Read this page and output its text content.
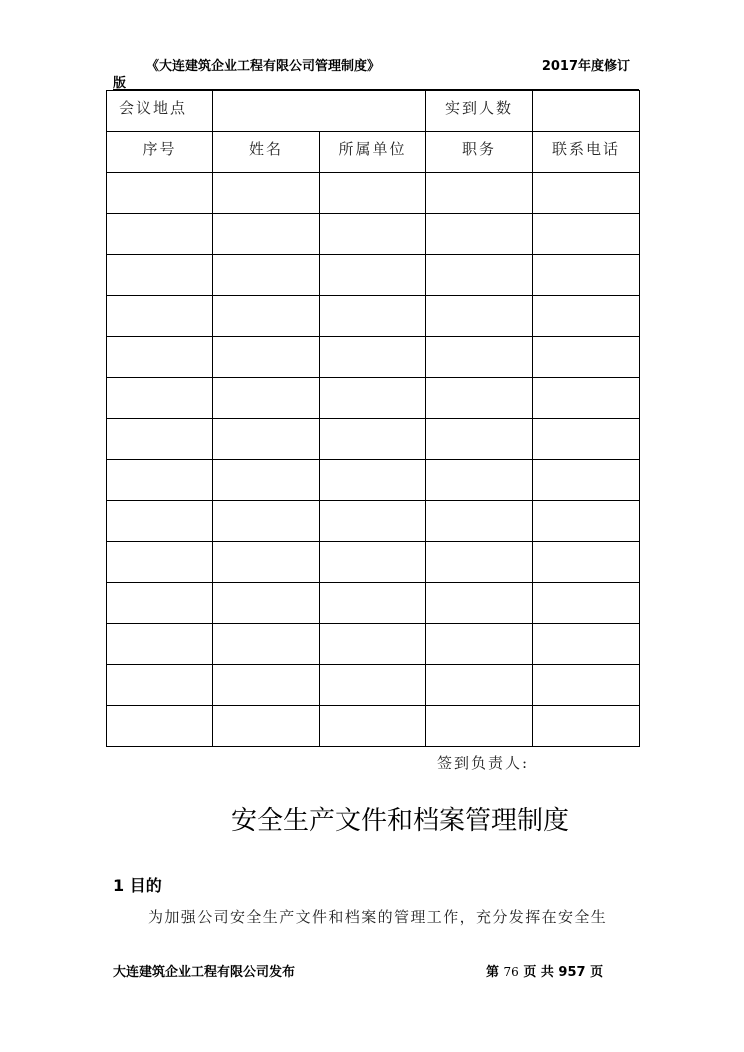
《大连建筑企业工程有限公司管理制度》	2017年度修订
版
会议地点			实到人数	

序号	姓名	所属单位	职务	联系电话

签到负责人:
安全生产文件和档案管理制度
1 目的
为加强公司安全生产文件和档案的管理工作，充分发挥在安全生
大连建筑企业工程有限公司发布	第 76 页 共 957 页
